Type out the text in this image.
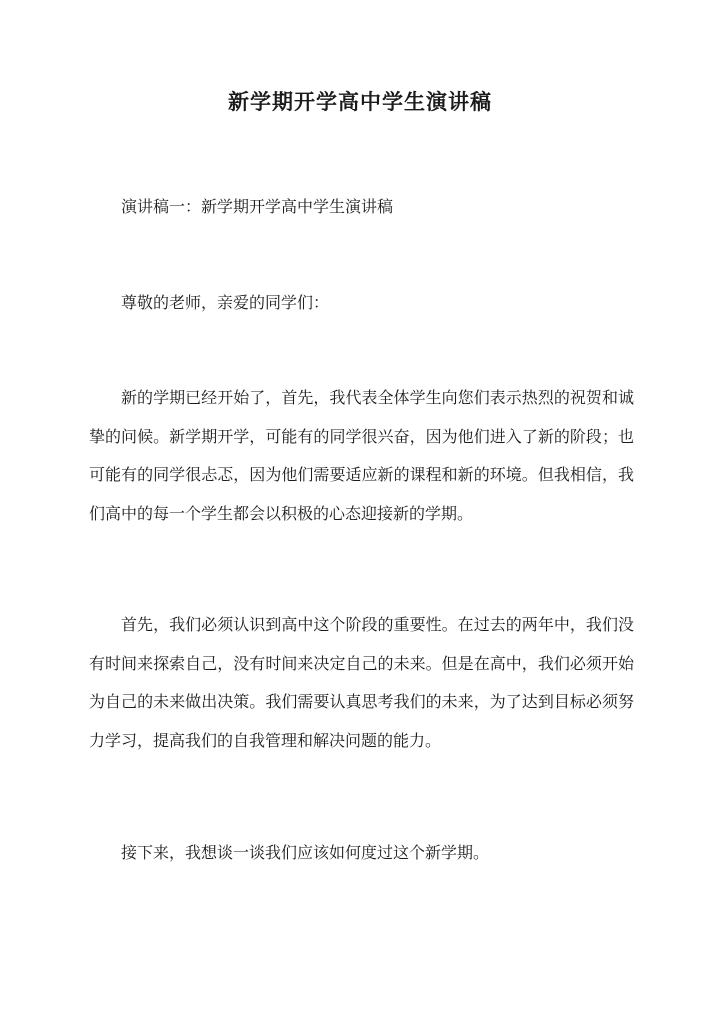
新学期开学高中学生演讲稿

演讲稿一：新学期开学高中学生演讲稿

尊敬的老师，亲爱的同学们：

新的学期已经开始了，首先，我代表全体学生向您们表示热烈的祝贺和诚挚的问候。新学期开学，可能有的同学很兴奋，因为他们进入了新的阶段；也可能有的同学很忐忑，因为他们需要适应新的课程和新的环境。但我相信，我们高中的每一个学生都会以积极的心态迎接新的学期。

首先，我们必须认识到高中这个阶段的重要性。在过去的两年中，我们没有时间来探索自己，没有时间来决定自己的未来。但是在高中，我们必须开始为自己的未来做出决策。我们需要认真思考我们的未来，为了达到目标必须努力学习，提高我们的自我管理和解决问题的能力。

接下来，我想谈一谈我们应该如何度过这个新学期。
